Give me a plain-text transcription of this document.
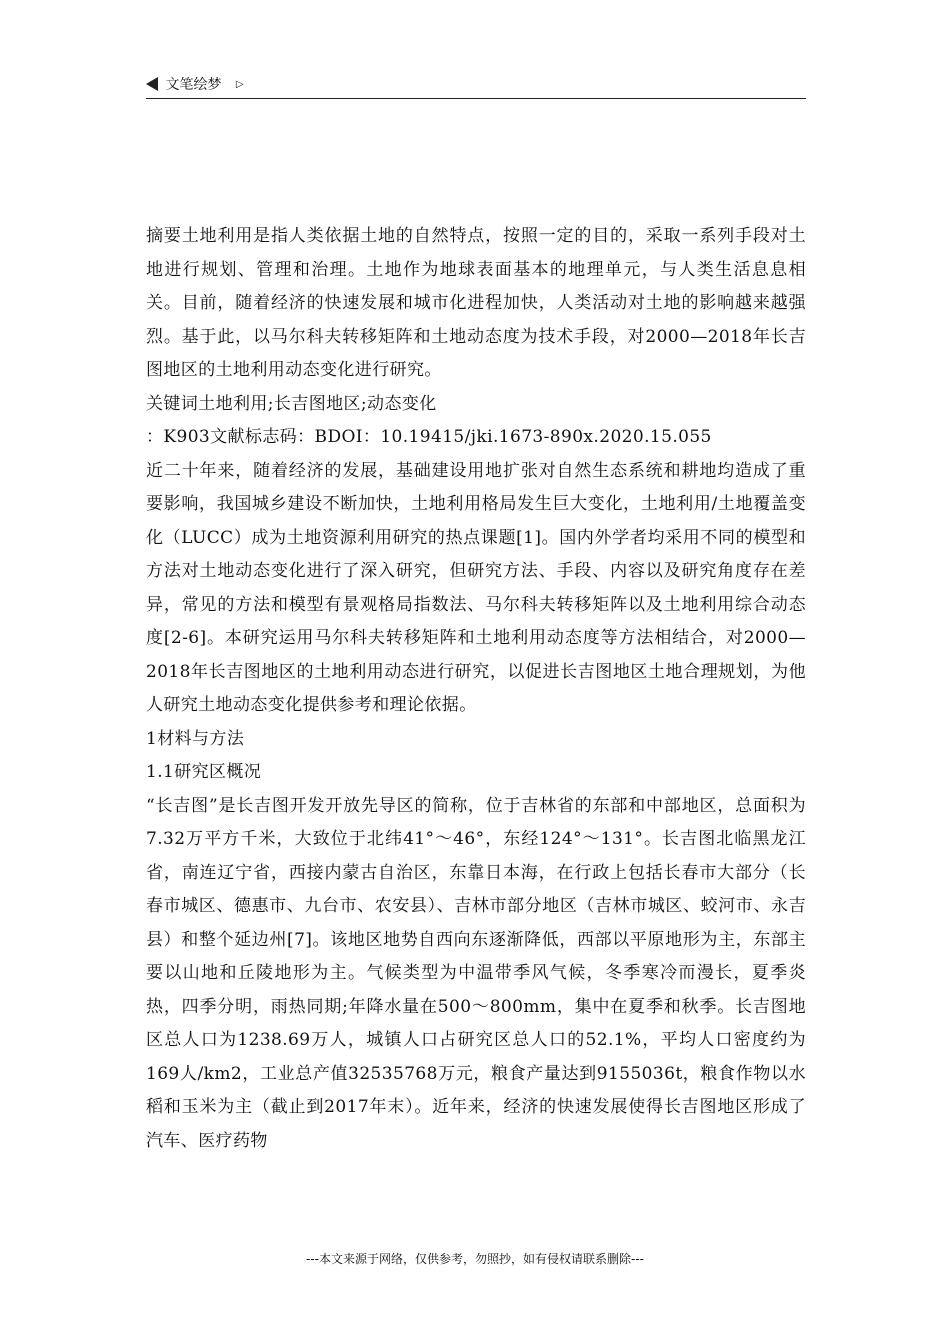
文笔绘梦 ▷

摘要土地利用是指人类依据土地的自然特点，按照一定的目的，采取一系列手段对土地进行规划、管理和治理。土地作为地球表面基本的地理单元，与人类生活息息相关。目前，随着经济的快速发展和城市化进程加快，人类活动对土地的影响越来越强烈。基于此，以马尔科夫转移矩阵和土地动态度为技术手段，对2000—2018年长吉图地区的土地利用动态变化进行研究。

关键词土地利用;长吉图地区;动态变化

：K903文献标志码：BDOI：10.19415/jki.1673-890x.2020.15.055

近二十年来，随着经济的发展，基础建设用地扩张对自然生态系统和耕地均造成了重要影响，我国城乡建设不断加快，土地利用格局发生巨大变化，土地利用/土地覆盖变化（LUCC）成为土地资源利用研究的热点课题[1]。国内外学者均采用不同的模型和方法对土地动态变化进行了深入研究，但研究方法、手段、内容以及研究角度存在差异，常见的方法和模型有景观格局指数法、马尔科夫转移矩阵以及土地利用综合动态度[2-6]。本研究运用马尔科夫转移矩阵和土地利用动态度等方法相结合，对2000—2018年长吉图地区的土地利用动态进行研究，以促进长吉图地区土地合理规划，为他人研究土地动态变化提供参考和理论依据。

1材料与方法

1.1研究区概况

“长吉图”是长吉图开发开放先导区的简称，位于吉林省的东部和中部地区，总面积为7.32万平方千米，大致位于北纬41°～46°，东经124°～131°。长吉图北临黑龙江省，南连辽宁省，西接内蒙古自治区，东靠日本海，在行政上包括长春市大部分（长春市城区、德惠市、九台市、农安县）、吉林市部分地区（吉林市城区、蛟河市、永吉县）和整个延边州[7]。该地区地势自西向东逐渐降低，西部以平原地形为主，东部主要以山地和丘陵地形为主。气候类型为中温带季风气候，冬季寒冷而漫长，夏季炎热，四季分明，雨热同期;年降水量在500～800mm，集中在夏季和秋季。长吉图地区总人口为1238.69万人，城镇人口占研究区总人口的52.1%，平均人口密度约为169人/km2，工业总产值32535768万元，粮食产量达到9155036t，粮食作物以水稻和玉米为主（截止到2017年末）。近年来，经济的快速发展使得长吉图地区形成了汽车、医疗药物

---本文来源于网络，仅供参考，勿照抄，如有侵权请联系删除---
